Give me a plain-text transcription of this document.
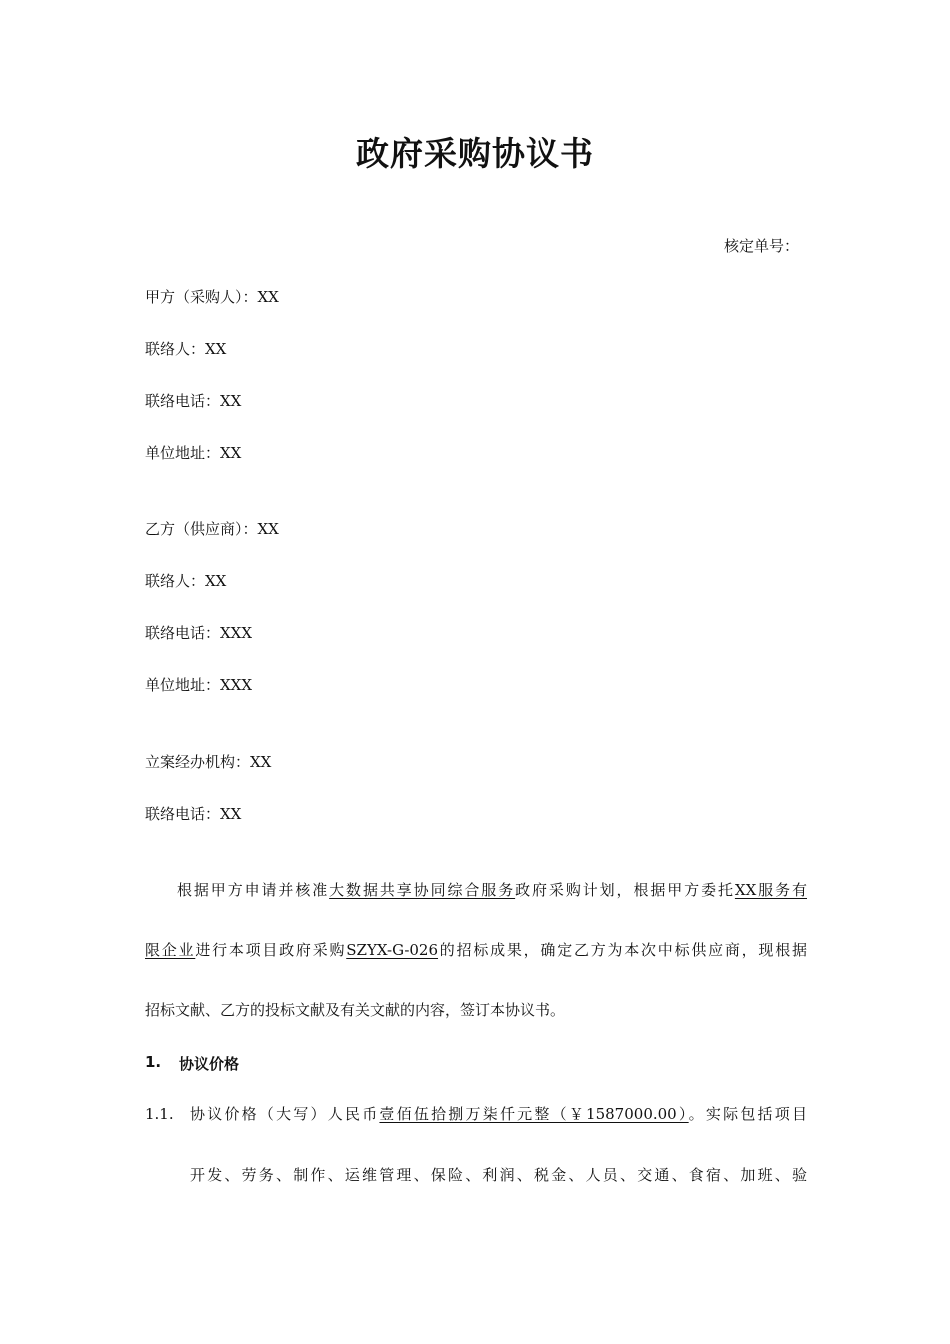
政府采购协议书
核定单号：
甲方（采购人）：XX
联络人：XX
联络电话：XX
单位地址：XX
乙方（供应商）：XX
联络人：XX
联络电话：XXX
单位地址：XXX
立案经办机构：XX
联络电话：XX
根据甲方申请并核准大数据共享协同综合服务政府采购计划，根据甲方委托XX服务有
限企业进行本项目政府采购SZYX-G-026的招标成果，确定乙方为本次中标供应商，现根据
招标文献、乙方的投标文献及有关文献的内容，签订本协议书。
1. 协议价格
1.1. 协议价格（大写）人民币壹佰伍拾捌万柒仟元整（￥1587000.00）。实际包括项目
开发、劳务、制作、运维管理、保险、利润、税金、人员、交通、食宿、加班、验
